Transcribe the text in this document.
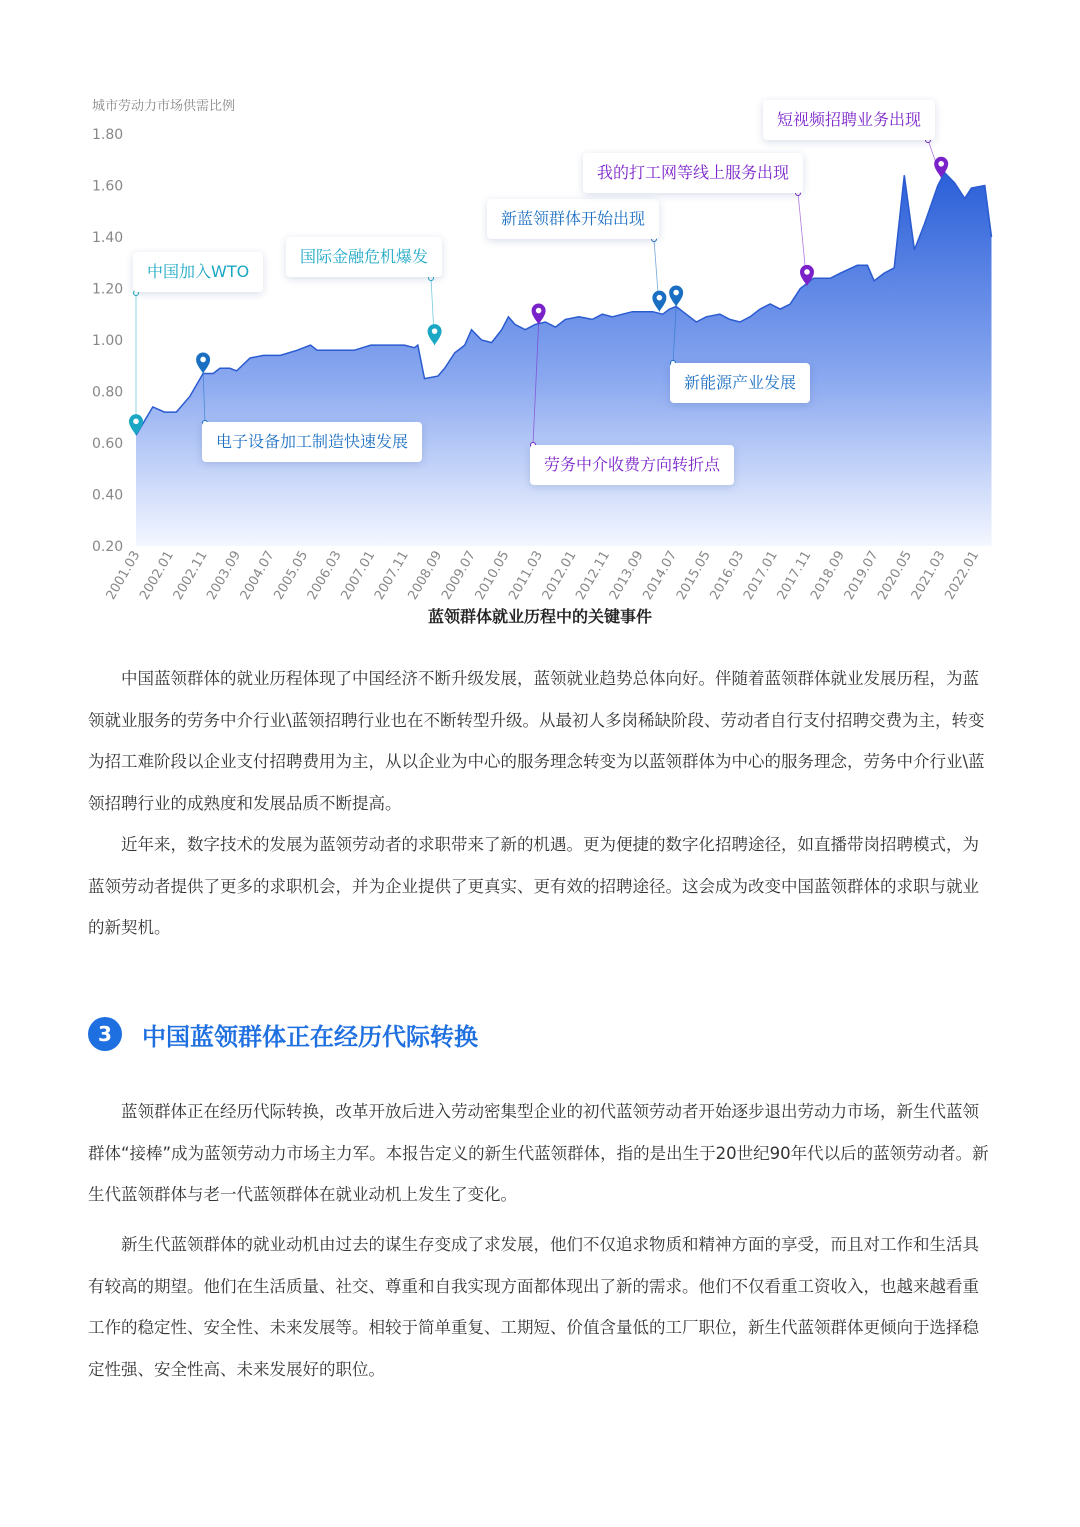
城市劳动力市场供需比例
1.80
1.60
1.40
1.20
1.00
0.80
0.60
0.40
0.20
2001.03
2002.01
2002.11
2003.09
2004.07
2005.05
2006.03
2007.01
2007.11
2008.09
2009.07
2010.05
2011.03
2012.01
2012.11
2013.09
2014.07
2015.05
2016.03
2017.01
2017.11
2018.09
2019.07
2020.05
2021.03
2022.01
中国加入WTO
电子设备加工制造快速发展
国际金融危机爆发
劳务中介收费方向转折点
新蓝领群体开始出现
新能源产业发展
我的打工网等线上服务出现
短视频招聘业务出现
蓝领群体就业历程中的关键事件

中国蓝领群体的就业历程体现了中国经济不断升级发展，蓝领就业趋势总体向好。伴随着蓝领群体就业发展历程，为蓝领就业服务的劳务中介行业\蓝领招聘行业也在不断转型升级。从最初人多岗稀缺阶段、劳动者自行支付招聘交费为主，转变为招工难阶段以企业支付招聘费用为主，从以企业为中心的服务理念转变为以蓝领群体为中心的服务理念，劳务中介行业\蓝领招聘行业的成熟度和发展品质不断提高。

近年来，数字技术的发展为蓝领劳动者的求职带来了新的机遇。更为便捷的数字化招聘途径，如直播带岗招聘模式，为蓝领劳动者提供了更多的求职机会，并为企业提供了更真实、更有效的招聘途径。这会成为改变中国蓝领群体的求职与就业的新契机。

3	中国蓝领群体正在经历代际转换

蓝领群体正在经历代际转换，改革开放后进入劳动密集型企业的初代蓝领劳动者开始逐步退出劳动力市场，新生代蓝领群体“接棒”成为蓝领劳动力市场主力军。本报告定义的新生代蓝领群体，指的是出生于20世纪90年代以后的蓝领劳动者。新生代蓝领群体与老一代蓝领群体在就业动机上发生了变化。

新生代蓝领群体的就业动机由过去的谋生存变成了求发展，他们不仅追求物质和精神方面的享受，而且对工作和生活具有较高的期望。他们在生活质量、社交、尊重和自我实现方面都体现出了新的需求。他们不仅看重工资收入，也越来越看重工作的稳定性、安全性、未来发展等。相较于简单重复、工期短、价值含量低的工厂职位，新生代蓝领群体更倾向于选择稳定性强、安全性高、未来发展好的职位。
